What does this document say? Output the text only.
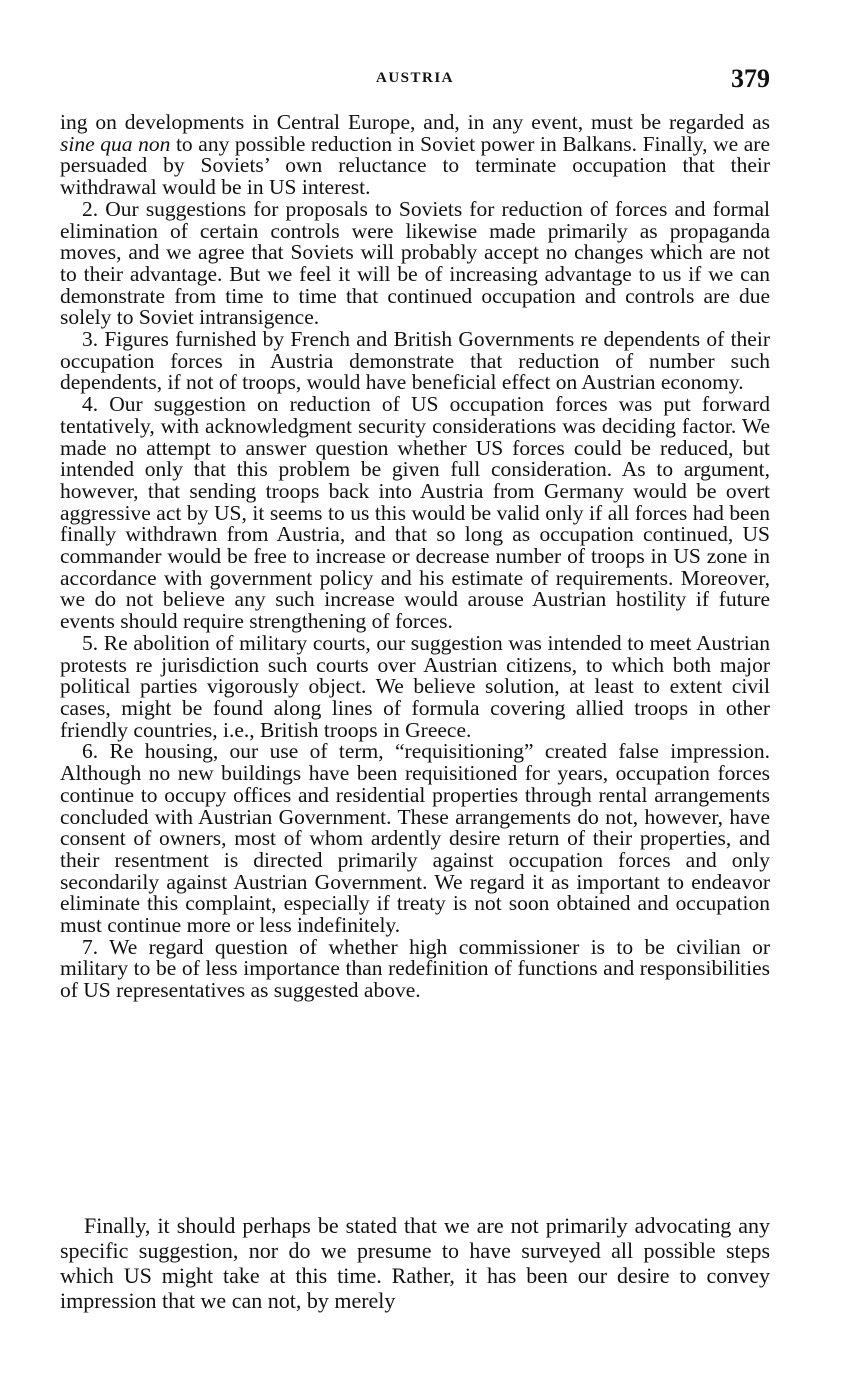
AUSTRIA	379

ing on developments in Central Europe, and, in any event, must be regarded as sine qua non to any possible reduction in Soviet power in Balkans. Finally, we are persuaded by Soviets’ own reluctance to terminate occupation that their withdrawal would be in US interest.

2. Our suggestions for proposals to Soviets for reduction of forces and formal elimination of certain controls were likewise made primarily as propaganda moves, and we agree that Soviets will probably accept no changes which are not to their advantage. But we feel it will be of increasing advantage to us if we can demonstrate from time to time that continued occupation and controls are due solely to Soviet intransigence.

3. Figures furnished by French and British Governments re dependents of their occupation forces in Austria demonstrate that reduction of number such dependents, if not of troops, would have beneficial effect on Austrian economy.

4. Our suggestion on reduction of US occupation forces was put forward tentatively, with acknowledgment security considerations was deciding factor. We made no attempt to answer question whether US forces could be reduced, but intended only that this problem be given full consideration. As to argument, however, that sending troops back into Austria from Germany would be overt aggressive act by US, it seems to us this would be valid only if all forces had been finally withdrawn from Austria, and that so long as occupation continued, US commander would be free to increase or decrease number of troops in US zone in accordance with government policy and his estimate of requirements. Moreover, we do not believe any such increase would arouse Austrian hostility if future events should require strengthening of forces.

5. Re abolition of military courts, our suggestion was intended to meet Austrian protests re jurisdiction such courts over Austrian citizens, to which both major political parties vigorously object. We believe solution, at least to extent civil cases, might be found along lines of formula covering allied troops in other friendly countries, i.e., British troops in Greece.

6. Re housing, our use of term, “requisitioning” created false impression. Although no new buildings have been requisitioned for years, occupation forces continue to occupy offices and residential properties through rental arrangements concluded with Austrian Government. These arrangements do not, however, have consent of owners, most of whom ardently desire return of their properties, and their resentment is directed primarily against occupation forces and only secondarily against Austrian Government. We regard it as important to endeavor eliminate this complaint, especially if treaty is not soon obtained and occupation must continue more or less indefinitely.

7. We regard question of whether high commissioner is to be civilian or military to be of less importance than redefinition of functions and responsibilities of US representatives as suggested above.

Finally, it should perhaps be stated that we are not primarily advocating any specific suggestion, nor do we presume to have surveyed all possible steps which US might take at this time. Rather, it has been our desire to convey impression that we can not, by merely
